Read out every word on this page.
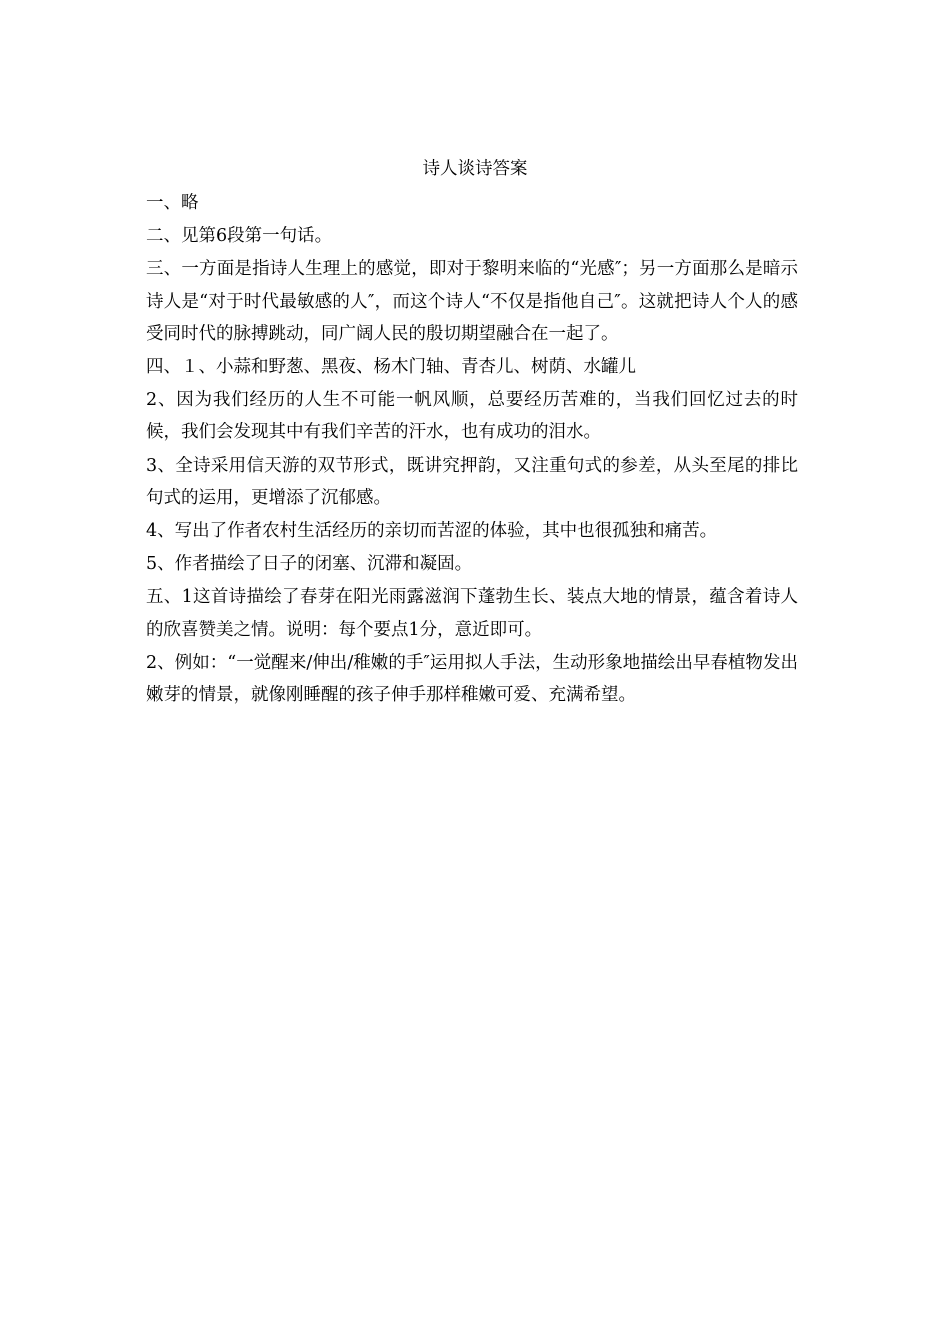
诗人谈诗答案

一、略

二、见第6段第一句话。

三、一方面是指诗人生理上的感觉，即对于黎明来临的“光感″；另一方面那么是暗示诗人是“对于时代最敏感的人″，而这个诗人“不仅是指他自己″。这就把诗人个人的感受同时代的脉搏跳动，同广阔人民的殷切期望融合在一起了。

四、１、小蒜和野葱、黑夜、杨木门轴、青杏儿、树荫、水罐儿

2、因为我们经历的人生不可能一帆风顺，总要经历苦难的，当我们回忆过去的时候，我们会发现其中有我们辛苦的汗水，也有成功的泪水。

3、全诗采用信天游的双节形式，既讲究押韵，又注重句式的参差，从头至尾的排比句式的运用，更增添了沉郁感。

4、写出了作者农村生活经历的亲切而苦涩的体验，其中也很孤独和痛苦。

5、作者描绘了日子的闭塞、沉滞和凝固。

五、1这首诗描绘了春芽在阳光雨露滋润下蓬勃生长、装点大地的情景，蕴含着诗人的欣喜赞美之情。说明：每个要点1分，意近即可。

2、例如：“一觉醒来/伸出/稚嫩的手″运用拟人手法，生动形象地描绘出早春植物发出嫩芽的情景，就像刚睡醒的孩子伸手那样稚嫩可爱、充满希望。
